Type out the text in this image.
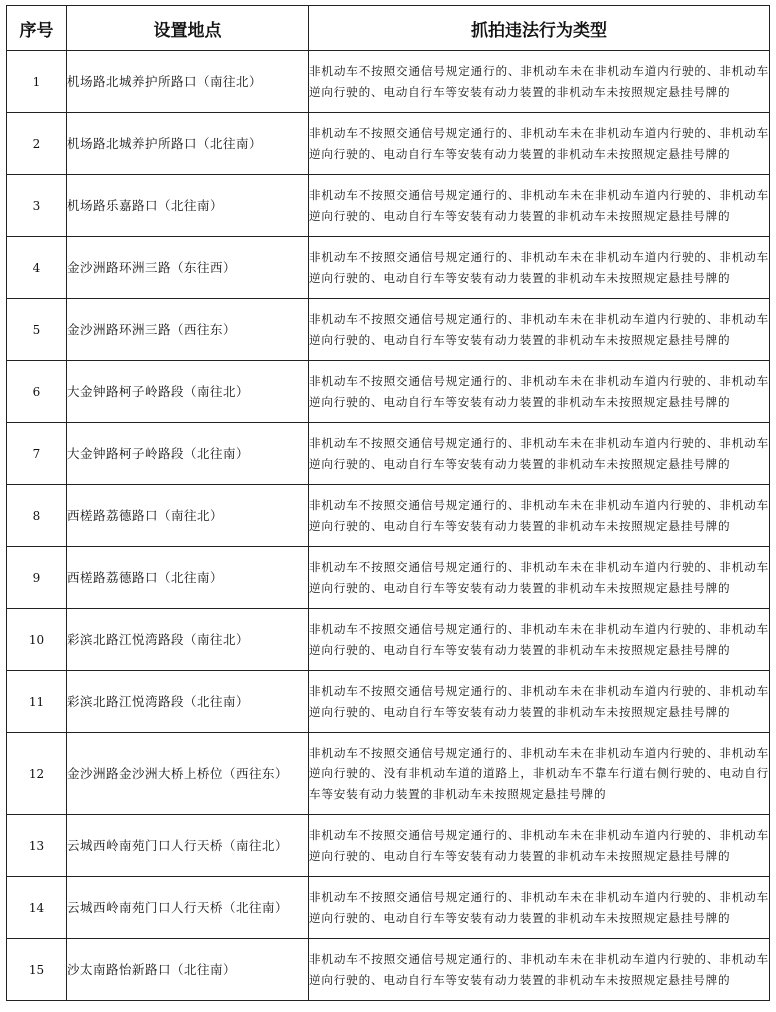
序号	设置地点	抓拍违法行为类型
1	机场路北城养护所路口（南往北）	非机动车不按照交通信号规定通行的、非机动车未在非机动车道内行驶的、非机动车逆向行驶的、电动自行车等安装有动力装置的非机动车未按照规定悬挂号牌的
2	机场路北城养护所路口（北往南）	非机动车不按照交通信号规定通行的、非机动车未在非机动车道内行驶的、非机动车逆向行驶的、电动自行车等安装有动力装置的非机动车未按照规定悬挂号牌的
3	机场路乐嘉路口（北往南）	非机动车不按照交通信号规定通行的、非机动车未在非机动车道内行驶的、非机动车逆向行驶的、电动自行车等安装有动力装置的非机动车未按照规定悬挂号牌的
4	金沙洲路环洲三路（东往西）	非机动车不按照交通信号规定通行的、非机动车未在非机动车道内行驶的、非机动车逆向行驶的、电动自行车等安装有动力装置的非机动车未按照规定悬挂号牌的
5	金沙洲路环洲三路（西往东）	非机动车不按照交通信号规定通行的、非机动车未在非机动车道内行驶的、非机动车逆向行驶的、电动自行车等安装有动力装置的非机动车未按照规定悬挂号牌的
6	大金钟路柯子岭路段（南往北）	非机动车不按照交通信号规定通行的、非机动车未在非机动车道内行驶的、非机动车逆向行驶的、电动自行车等安装有动力装置的非机动车未按照规定悬挂号牌的
7	大金钟路柯子岭路段（北往南）	非机动车不按照交通信号规定通行的、非机动车未在非机动车道内行驶的、非机动车逆向行驶的、电动自行车等安装有动力装置的非机动车未按照规定悬挂号牌的
8	西槎路荔德路口（南往北）	非机动车不按照交通信号规定通行的、非机动车未在非机动车道内行驶的、非机动车逆向行驶的、电动自行车等安装有动力装置的非机动车未按照规定悬挂号牌的
9	西槎路荔德路口（北往南）	非机动车不按照交通信号规定通行的、非机动车未在非机动车道内行驶的、非机动车逆向行驶的、电动自行车等安装有动力装置的非机动车未按照规定悬挂号牌的
10	彩滨北路江悦湾路段（南往北）	非机动车不按照交通信号规定通行的、非机动车未在非机动车道内行驶的、非机动车逆向行驶的、电动自行车等安装有动力装置的非机动车未按照规定悬挂号牌的
11	彩滨北路江悦湾路段（北往南）	非机动车不按照交通信号规定通行的、非机动车未在非机动车道内行驶的、非机动车逆向行驶的、电动自行车等安装有动力装置的非机动车未按照规定悬挂号牌的
12	金沙洲路金沙洲大桥上桥位（西往东）	非机动车不按照交通信号规定通行的、非机动车未在非机动车道内行驶的、非机动车逆向行驶的、没有非机动车道的道路上，非机动车不靠车行道右侧行驶的、电动自行车等安装有动力装置的非机动车未按照规定悬挂号牌的
13	云城西岭南苑门口人行天桥（南往北）	非机动车不按照交通信号规定通行的、非机动车未在非机动车道内行驶的、非机动车逆向行驶的、电动自行车等安装有动力装置的非机动车未按照规定悬挂号牌的
14	云城西岭南苑门口人行天桥（北往南）	非机动车不按照交通信号规定通行的、非机动车未在非机动车道内行驶的、非机动车逆向行驶的、电动自行车等安装有动力装置的非机动车未按照规定悬挂号牌的
15	沙太南路怡新路口（北往南）	非机动车不按照交通信号规定通行的、非机动车未在非机动车道内行驶的、非机动车逆向行驶的、电动自行车等安装有动力装置的非机动车未按照规定悬挂号牌的
